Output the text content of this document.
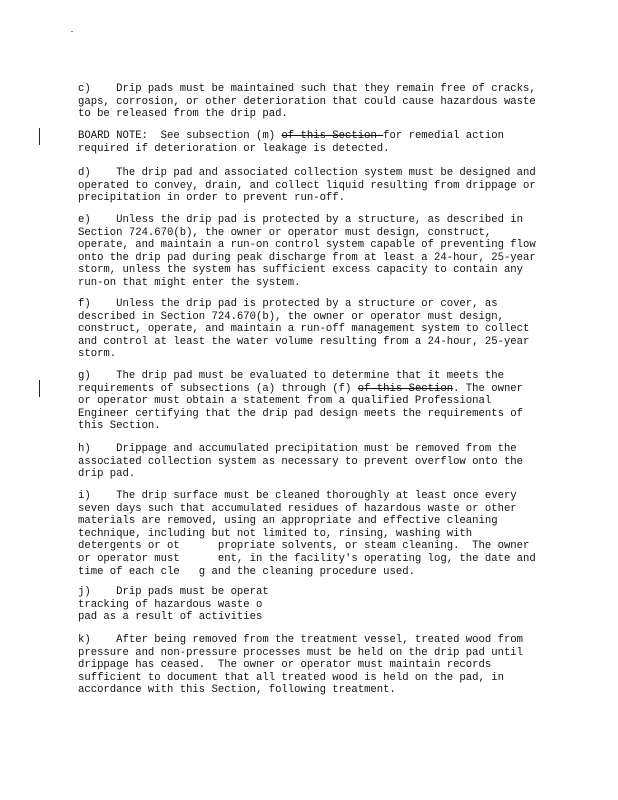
c)    Drip pads must be maintained such that they remain free of cracks,
gaps, corrosion, or other deterioration that could cause hazardous waste
to be released from the drip pad.
BOARD NOTE:  See subsection (m) of this Section for remedial action
required if deterioration or leakage is detected.
d)    The drip pad and associated collection system must be designed and
operated to convey, drain, and collect liquid resulting from drippage or
precipitation in order to prevent run-off.
e)    Unless the drip pad is protected by a structure, as described in
Section 724.670(b), the owner or operator must design, construct,
operate, and maintain a run-on control system capable of preventing flow
onto the drip pad during peak discharge from at least a 24-hour, 25-year
storm, unless the system has sufficient excess capacity to contain any
run-on that might enter the system.
f)    Unless the drip pad is protected by a structure or cover, as
described in Section 724.670(b), the owner or operator must design,
construct, operate, and maintain a run-off management system to collect
and control at least the water volume resulting from a 24-hour, 25-year
storm.
g)    The drip pad must be evaluated to determine that it meets the
requirements of subsections (a) through (f) of this Section. The owner
or operator must obtain a statement from a qualified Professional
Engineer certifying that the drip pad design meets the requirements of
this Section.
h)    Drippage and accumulated precipitation must be removed from the
associated collection system as necessary to prevent overflow onto the
drip pad.
i)    The drip surface must be cleaned thoroughly at least once every
seven days such that accumulated residues of hazardous waste or other
materials are removed, using an appropriate and effective cleaning
technique, including but not limited to, rinsing, washing with
detergents or ot      propriate solvents, or steam cleaning.  The owner
or operator must      ent, in the facility's operating log, the date and
time of each cle   g and the cleaning procedure used.
j)    Drip pads must be operat
tracking of hazardous waste o
pad as a result of activities
k)    After being removed from the treatment vessel, treated wood from
pressure and non-pressure processes must be held on the drip pad until
drippage has ceased.  The owner or operator must maintain records
sufficient to document that all treated wood is held on the pad, in
accordance with this Section, following treatment.
